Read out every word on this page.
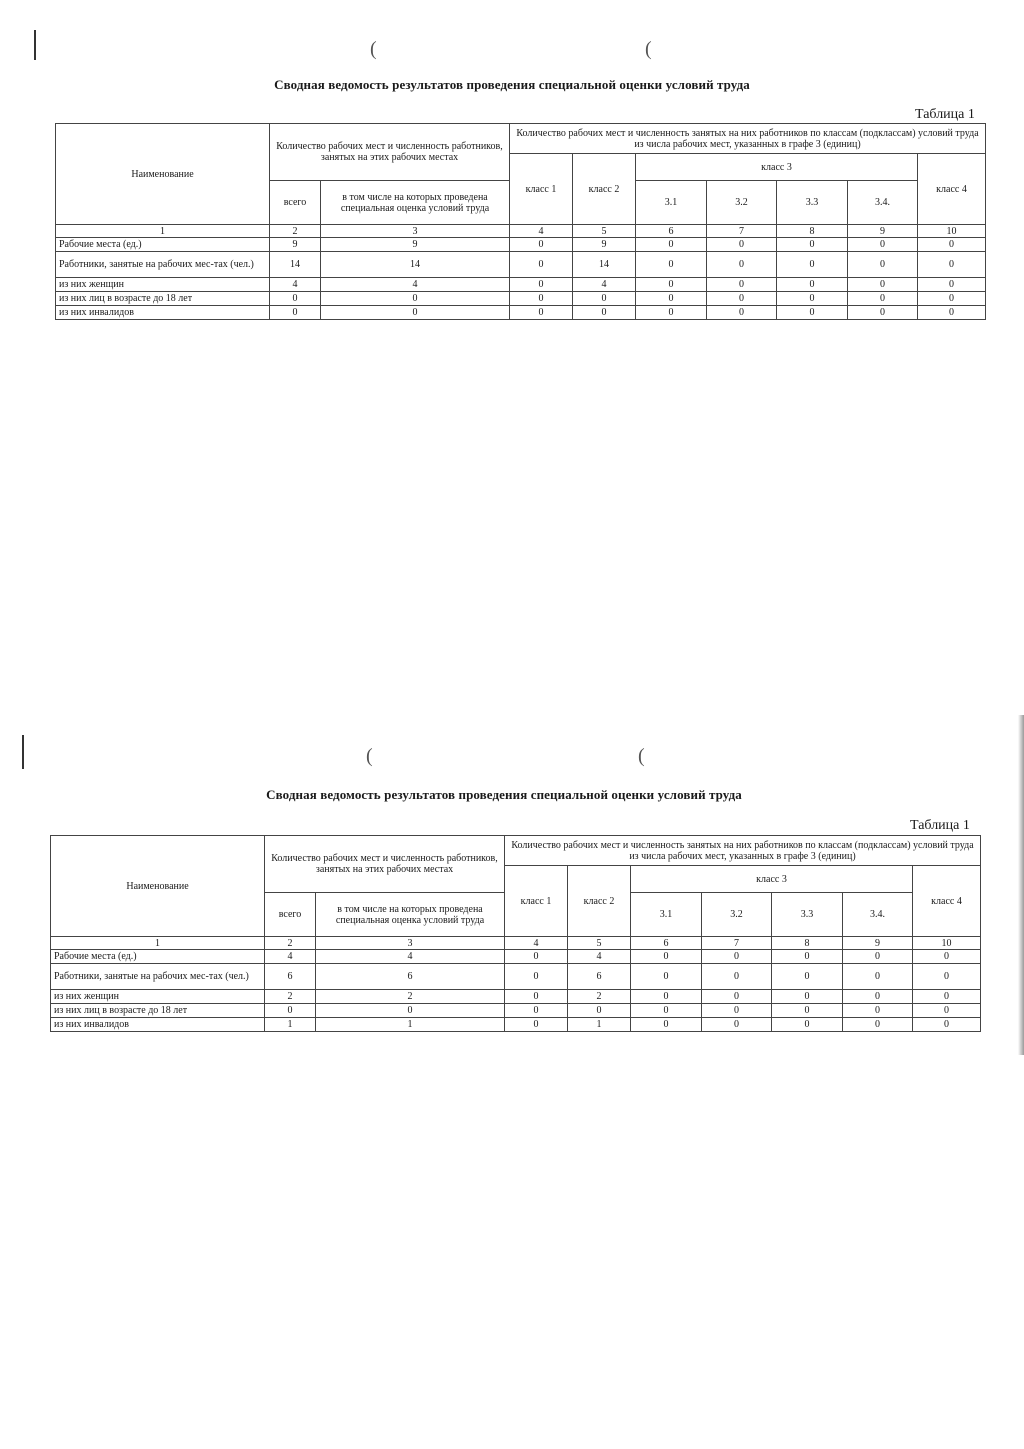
(	(
(	(
Сводная ведомость результатов проведения специальной оценки условий труда
Таблица 1
Наименование	Количество рабочих мест и численность работников, занятых на этих рабочих местах		Количество рабочих мест и численность занятых на них работников по классам (подклассам) условий труда из числа рабочих мест, указанных в графе 3 (единиц)						
			класс 1	класс 2	класс 3				класс 4
	всего	в том числе на которых проведена специальная оценка условий труда			3.1	3.2	3.3	3.4.	
1	2	3	4	5	6	7	8	9	10
Рабочие места (ед.)	9	9	0	9	0	0	0	0	0
Работники, занятые на рабочих мес-тах (чел.)	14	14	0	14	0	0	0	0	0
из них женщин	4	4	0	4	0	0	0	0	0
из них лиц в возрасте до 18 лет	0	0	0	0	0	0	0	0	0
из них инвалидов	0	0	0	0	0	0	0	0	0
Сводная ведомость результатов проведения специальной оценки условий труда
Таблица 1
Наименование	Количество рабочих мест и численность работников, занятых на этих рабочих местах		Количество рабочих мест и численность занятых на них работников по классам (подклассам) условий труда из числа рабочих мест, указанных в графе 3 (единиц)						
			класс 1	класс 2	класс 3				класс 4
	всего	в том числе на которых проведена специальная оценка условий труда			3.1	3.2	3.3	3.4.	
1	2	3	4	5	6	7	8	9	10
Рабочие места (ед.)	4	4	0	4	0	0	0	0	0
Работники, занятые на рабочих мес-тах (чел.)	6	6	0	6	0	0	0	0	0
из них женщин	2	2	0	2	0	0	0	0	0
из них лиц в возрасте до 18 лет	0	0	0	0	0	0	0	0	0
из них инвалидов	1	1	0	1	0	0	0	0	0
